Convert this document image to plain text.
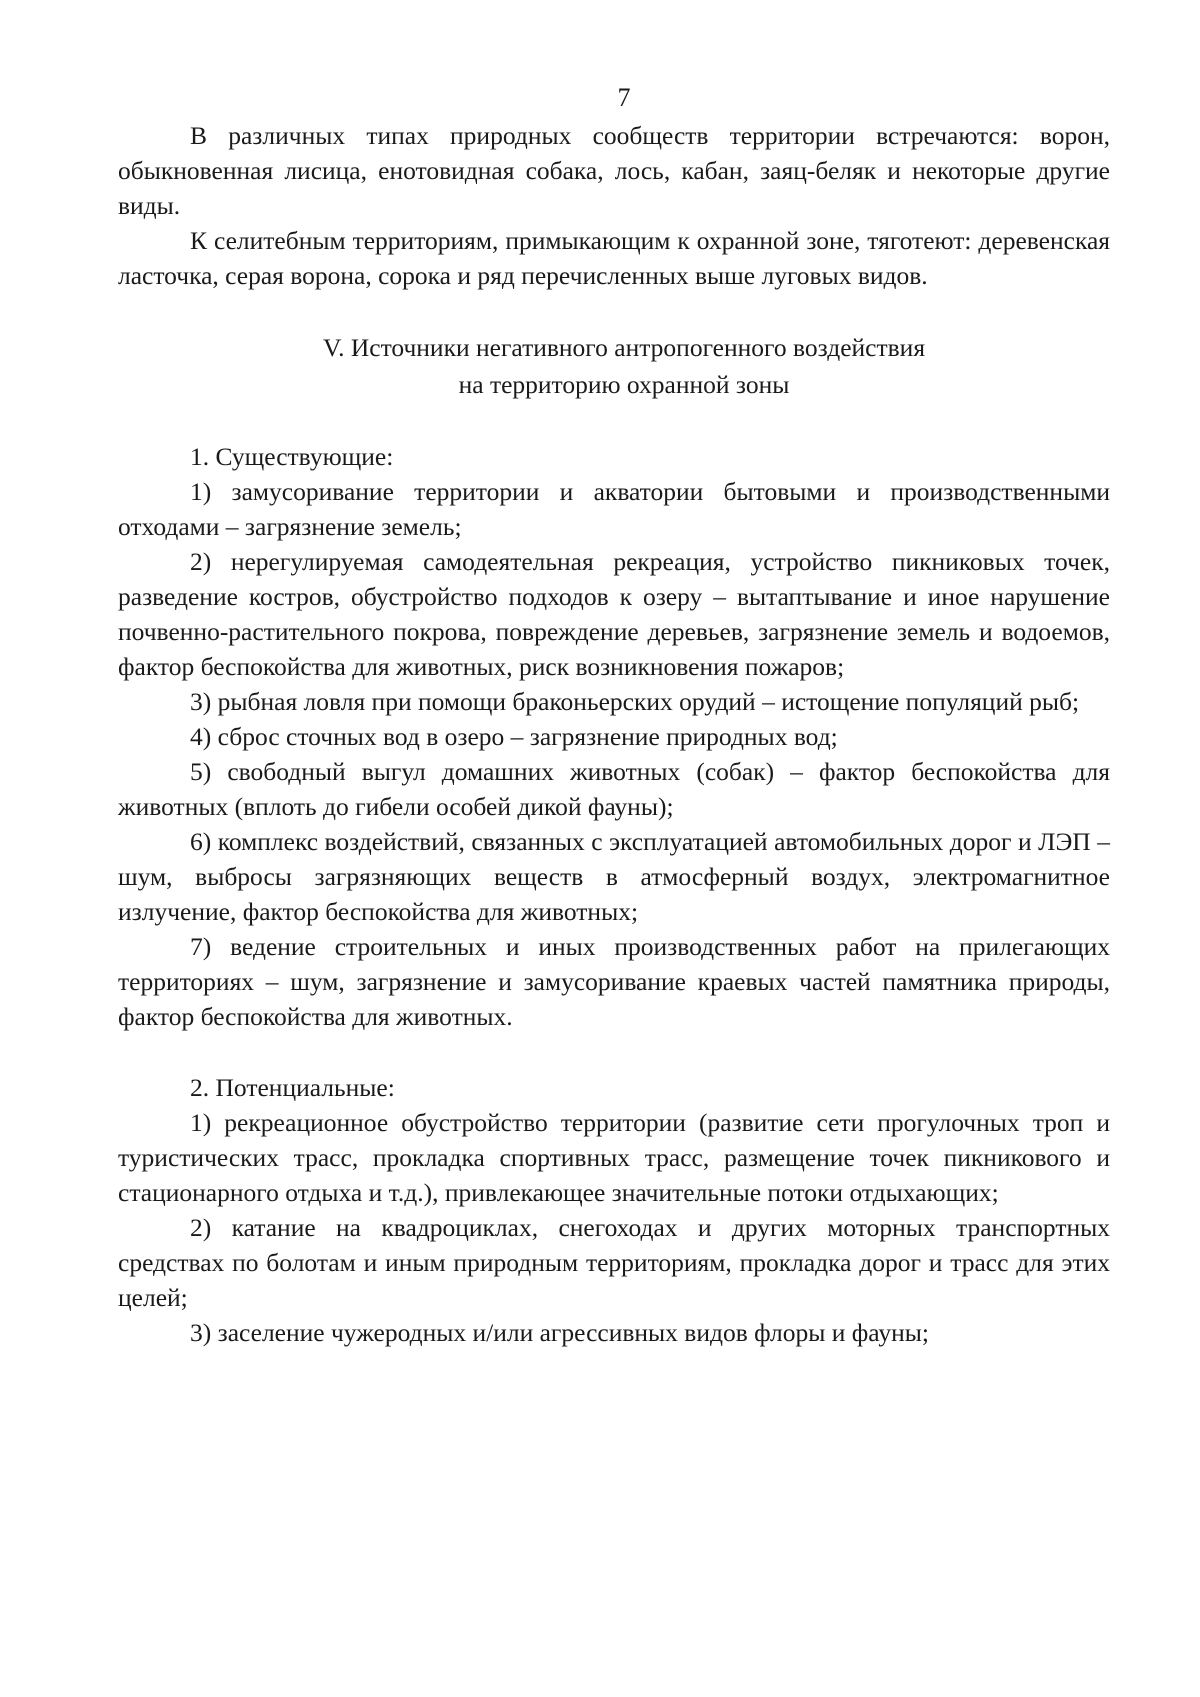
7

В различных типах природных сообществ территории встречаются: ворон, обыкновенная лисица, енотовидная собака, лось, кабан, заяц-беляк и некоторые другие виды.

К селитебным территориям, примыкающим к охранной зоне, тяготеют: деревенская ласточка, серая ворона, сорока и ряд перечисленных выше луговых видов.

V. Источники негативного антропогенного воздействия
на территорию охранной зоны

1. Существующие:

1) замусоривание территории и акватории бытовыми и производственными отходами – загрязнение земель;

2) нерегулируемая самодеятельная рекреация, устройство пикниковых точек, разведение костров, обустройство подходов к озеру – вытаптывание и иное нарушение почвенно-растительного покрова, повреждение деревьев, загрязнение земель и водоемов, фактор беспокойства для животных, риск возникновения пожаров;

3) рыбная ловля при помощи браконьерских орудий – истощение популяций рыб;

4) сброс сточных вод в озеро – загрязнение природных вод;

5) свободный выгул домашних животных (собак) – фактор беспокойства для животных (вплоть до гибели особей дикой фауны);

6) комплекс воздействий, связанных с эксплуатацией автомобильных дорог и ЛЭП – шум, выбросы загрязняющих веществ в атмосферный воздух, электромагнитное излучение, фактор беспокойства для животных;

7) ведение строительных и иных производственных работ на прилегающих территориях – шум, загрязнение и замусоривание краевых частей памятника природы, фактор беспокойства для животных.

2. Потенциальные:

1) рекреационное обустройство территории (развитие сети прогулочных троп и туристических трасс, прокладка спортивных трасс, размещение точек пикникового и стационарного отдыха и т.д.), привлекающее значительные потоки отдыхающих;

2) катание на квадроциклах, снегоходах и других моторных транспортных средствах по болотам и иным природным территориям, прокладка дорог и трасс для этих целей;

3) заселение чужеродных и/или агрессивных видов флоры и фауны;
